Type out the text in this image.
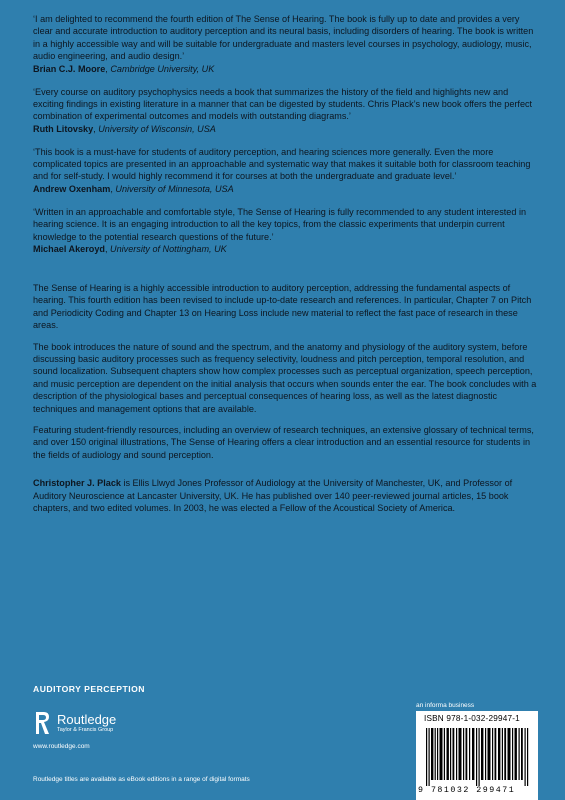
‘I am delighted to recommend the fourth edition of The Sense of Hearing. The book is fully up to date and provides a very clear and accurate introduction to auditory perception and its neural basis, including disorders of hearing. The book is written in a highly accessible way and will be suitable for undergraduate and masters level courses in psychology, audiology, music, audio engineering, and audio design.’
Brian C.J. Moore, Cambridge University, UK
‘Every course on auditory psychophysics needs a book that summarizes the history of the field and highlights new and exciting findings in existing literature in a manner that can be digested by students. Chris Plack’s new book offers the perfect combination of experimental outcomes and models with outstanding diagrams.’
Ruth Litovsky, University of Wisconsin, USA
‘This book is a must-have for students of auditory perception, and hearing sciences more generally. Even the more complicated topics are presented in an approachable and systematic way that makes it suitable both for classroom teaching and for self-study. I would highly recommend it for courses at both the undergraduate and graduate level.’
Andrew Oxenham, University of Minnesota, USA
‘Written in an approachable and comfortable style, The Sense of Hearing is fully recommended to any student interested in hearing science. It is an engaging introduction to all the key topics, from the classic experiments that underpin current knowledge to the potential research questions of the future.’
Michael Akeroyd, University of Nottingham, UK

The Sense of Hearing is a highly accessible introduction to auditory perception, addressing the fundamental aspects of hearing. This fourth edition has been revised to include up-to-date research and references. In particular, Chapter 7 on Pitch and Periodicity Coding and Chapter 13 on Hearing Loss include new material to reflect the fast pace of research in these areas.

The book introduces the nature of sound and the spectrum, and the anatomy and physiology of the auditory system, before discussing basic auditory processes such as frequency selectivity, loudness and pitch perception, temporal resolution, and sound localization. Subsequent chapters show how complex processes such as perceptual organization, speech perception, and music perception are dependent on the initial analysis that occurs when sounds enter the ear. The book concludes with a description of the physiological bases and perceptual consequences of hearing loss, as well as the latest diagnostic techniques and management options that are available.

Featuring student-friendly resources, including an overview of research techniques, an extensive glossary of technical terms, and over 150 original illustrations, The Sense of Hearing offers a clear introduction and an essential resource for students in the fields of audiology and sound perception.

Christopher J. Plack is Ellis Llwyd Jones Professor of Audiology at the University of Manchester, UK, and Professor of Auditory Neuroscience at Lancaster University, UK. He has published over 140 peer-reviewed journal articles, 15 book chapters, and two edited volumes. In 2003, he was elected a Fellow of the Acoustical Society of America.

AUDITORY PERCEPTION
Routledge
Taylor & Francis Group
www.routledge.com
Routledge titles are available as eBook editions in a range of digital formats
an informa business
ISBN 978-1-032-29947-1
9 781032 299471
